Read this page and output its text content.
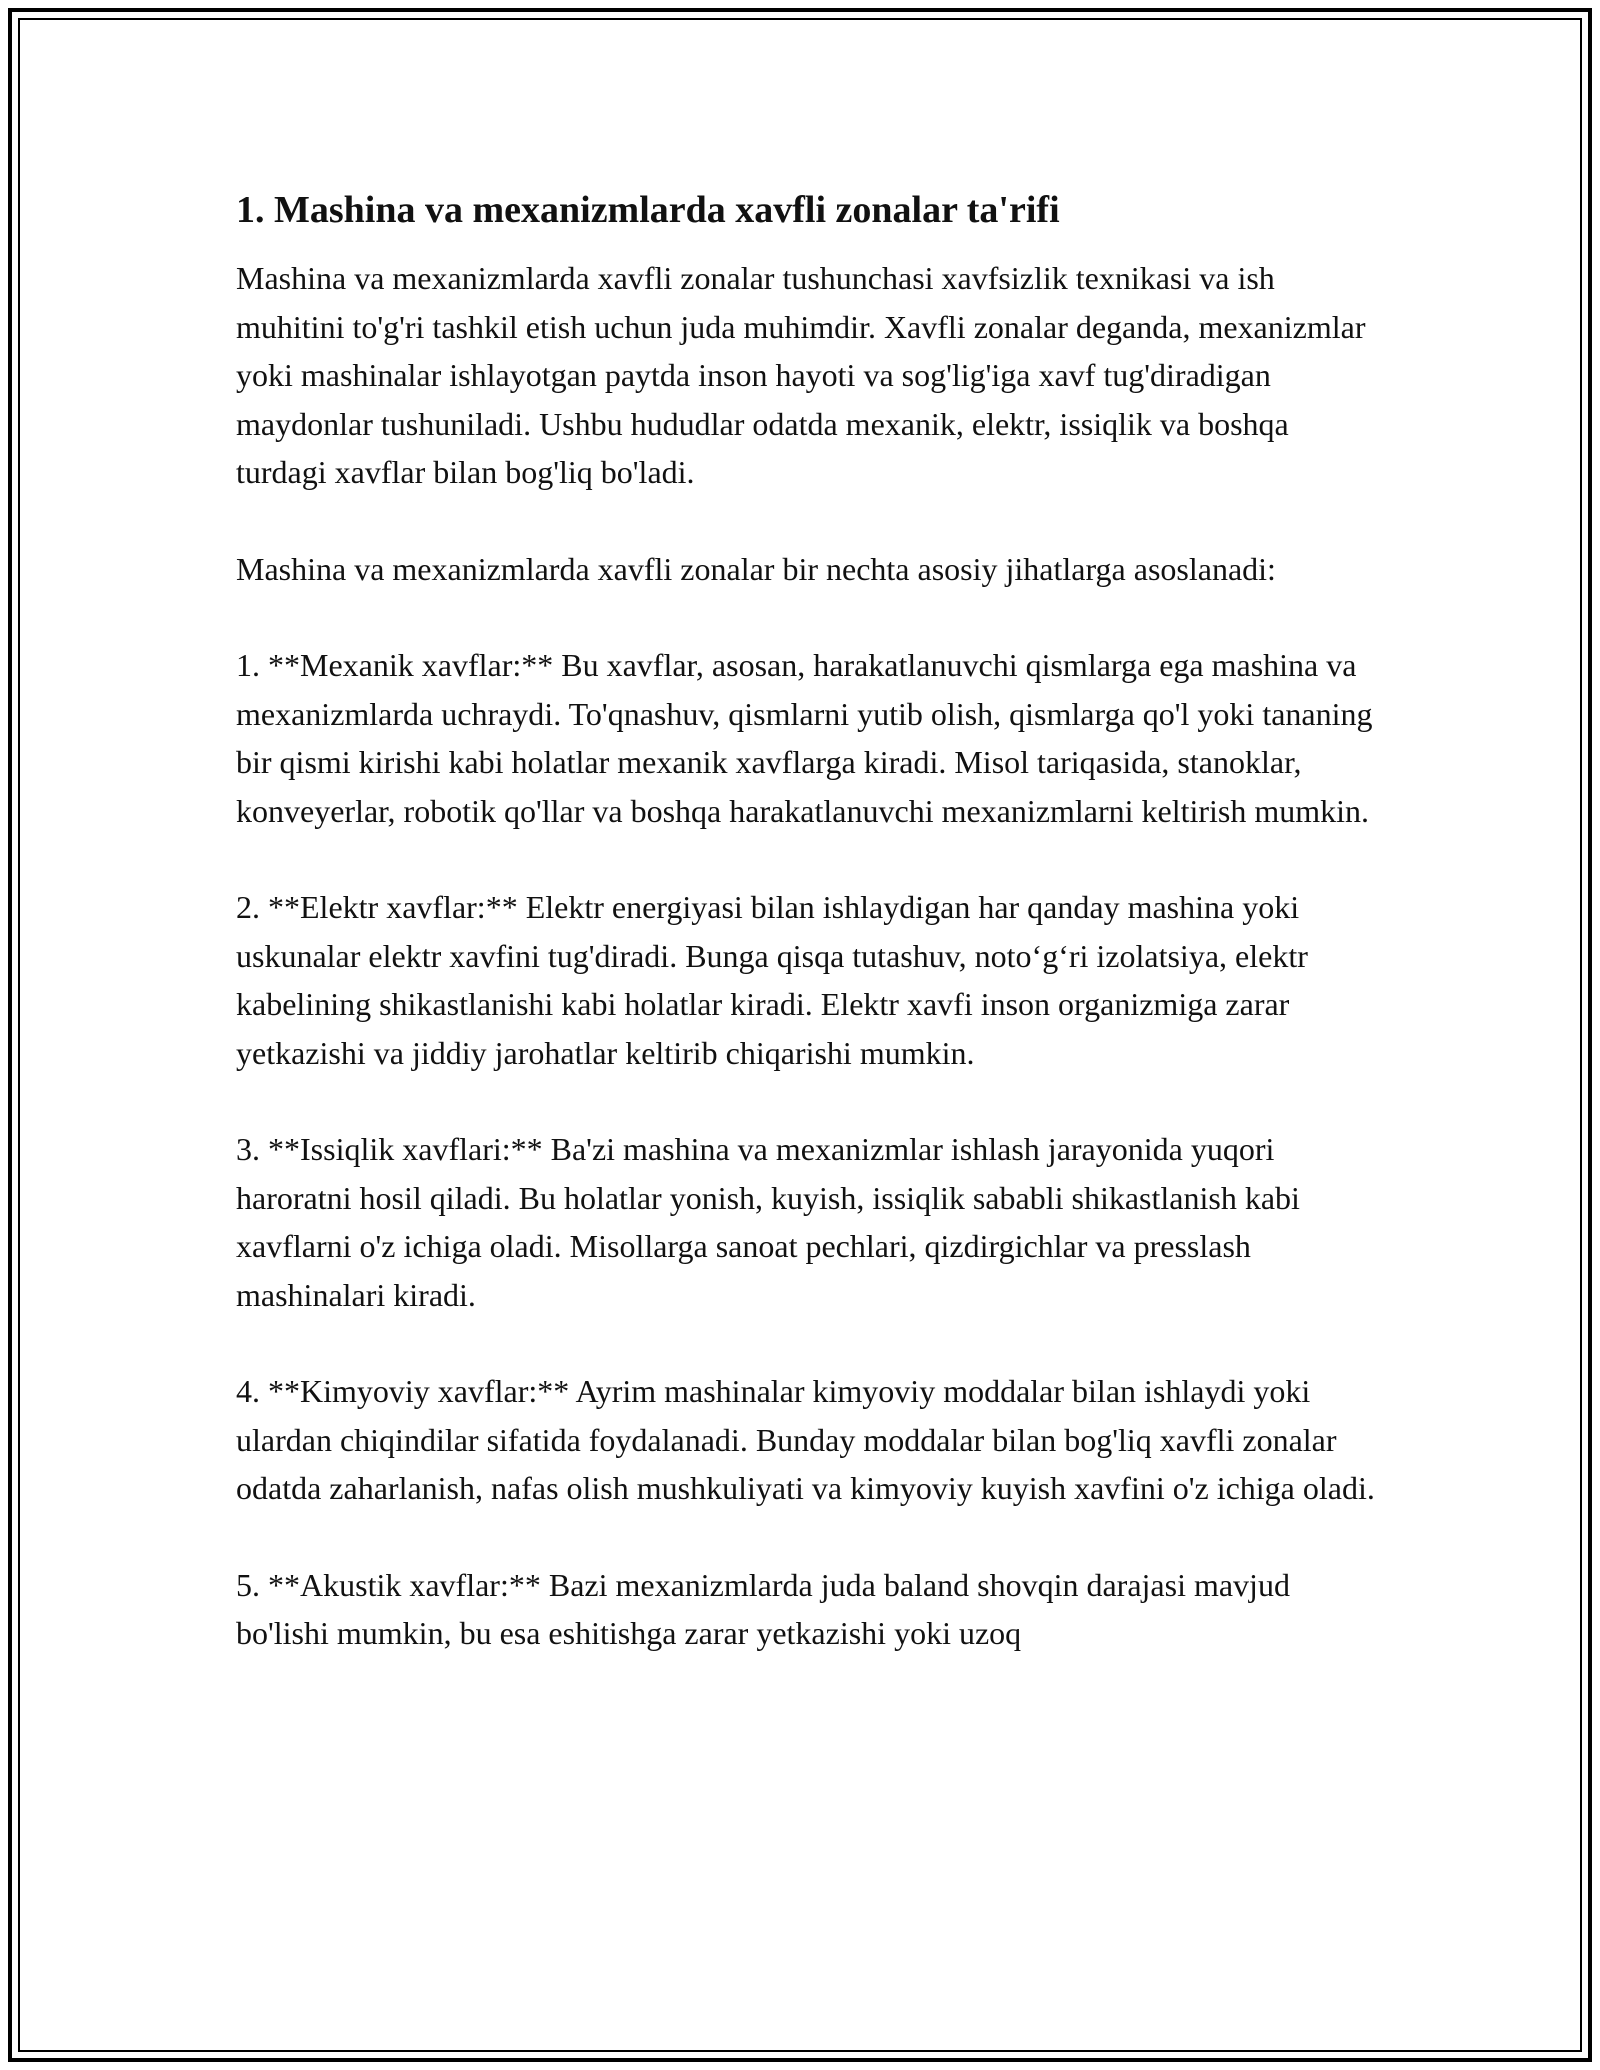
1. Mashina va mexanizmlarda xavfli zonalar ta'rifi

Mashina va mexanizmlarda xavfli zonalar tushunchasi xavfsizlik texnikasi va ish muhitini to'g'ri tashkil etish uchun juda muhimdir. Xavfli zonalar deganda, mexanizmlar yoki mashinalar ishlayotgan paytda inson hayoti va sog'lig'iga xavf tug'diradigan maydonlar tushuniladi. Ushbu hududlar odatda mexanik, elektr, issiqlik va boshqa turdagi xavflar bilan bog'liq bo'ladi.

Mashina va mexanizmlarda xavfli zonalar bir nechta asosiy jihatlarga asoslanadi:

1. **Mexanik xavflar:** Bu xavflar, asosan, harakatlanuvchi qismlarga ega mashina va mexanizmlarda uchraydi. To'qnashuv, qismlarni yutib olish, qismlarga qo'l yoki tananing bir qismi kirishi kabi holatlar mexanik xavflarga kiradi. Misol tariqasida, stanoklar, konveyerlar, robotik qo'llar va boshqa harakatlanuvchi mexanizmlarni keltirish mumkin.

2. **Elektr xavflar:** Elektr energiyasi bilan ishlaydigan har qanday mashina yoki uskunalar elektr xavfini tug'diradi. Bunga qisqa tutashuv, noto‘g‘ri izolatsiya, elektr kabelining shikastlanishi kabi holatlar kiradi. Elektr xavfi inson organizmiga zarar yetkazishi va jiddiy jarohatlar keltirib chiqarishi mumkin.

3. **Issiqlik xavflari:** Ba'zi mashina va mexanizmlar ishlash jarayonida yuqori haroratni hosil qiladi. Bu holatlar yonish, kuyish, issiqlik sababli shikastlanish kabi xavflarni o'z ichiga oladi. Misollarga sanoat pechlari, qizdirgichlar va presslash mashinalari kiradi.

4. **Kimyoviy xavflar:** Ayrim mashinalar kimyoviy moddalar bilan ishlaydi yoki ulardan chiqindilar sifatida foydalanadi. Bunday moddalar bilan bog'liq xavfli zonalar odatda zaharlanish, nafas olish mushkuliyati va kimyoviy kuyish xavfini o'z ichiga oladi.

5. **Akustik xavflar:** Bazi mexanizmlarda juda baland shovqin darajasi mavjud bo'lishi mumkin, bu esa eshitishga zarar yetkazishi yoki uzoq
